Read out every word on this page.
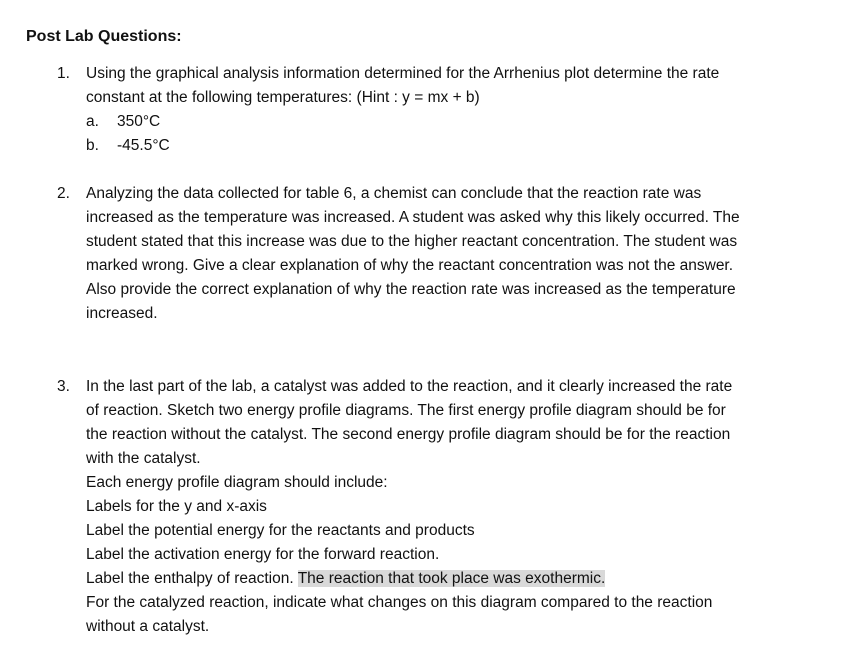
Post Lab Questions:
1. Using the graphical analysis information determined for the Arrhenius plot determine the rate
constant at the following temperatures: (Hint : y = mx + b)
a. 350°C
b. -45.5°C
2. Analyzing the data collected for table 6, a chemist can conclude that the reaction rate was
increased as the temperature was increased. A student was asked why this likely occurred. The
student stated that this increase was due to the higher reactant concentration. The student was
marked wrong. Give a clear explanation of why the reactant concentration was not the answer.
Also provide the correct explanation of why the reaction rate was increased as the temperature
increased.
3. In the last part of the lab, a catalyst was added to the reaction, and it clearly increased the rate
of reaction. Sketch two energy profile diagrams. The first energy profile diagram should be for
the reaction without the catalyst. The second energy profile diagram should be for the reaction
with the catalyst.
Each energy profile diagram should include:
Labels for the y and x-axis
Label the potential energy for the reactants and products
Label the activation energy for the forward reaction.
Label the enthalpy of reaction. The reaction that took place was exothermic.
For the catalyzed reaction, indicate what changes on this diagram compared to the reaction
without a catalyst.
